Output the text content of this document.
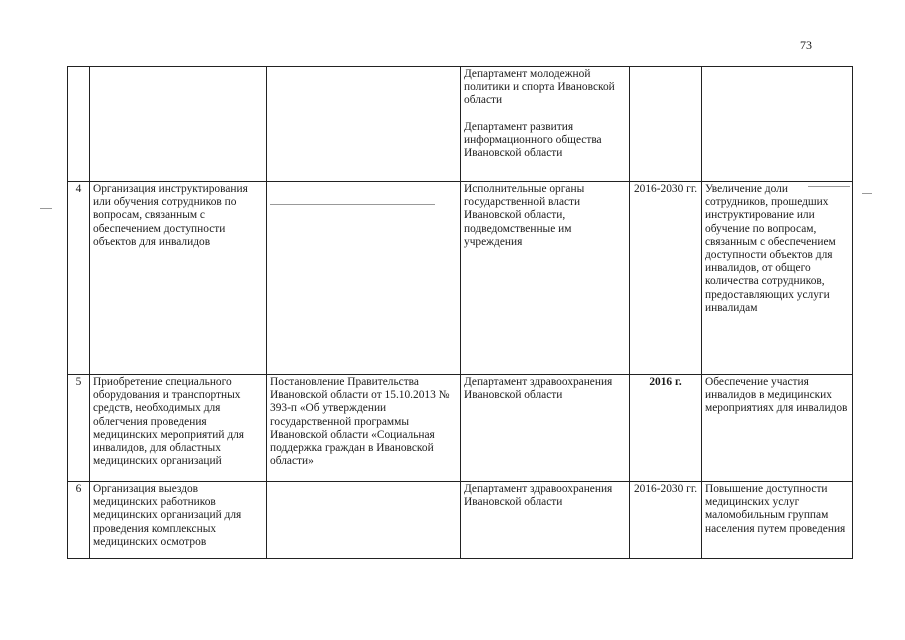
73

			Департамент молодежной политики и спорта Ивановской области
Департамент развития информационного общества Ивановской области		

4	Организация инструктирования или обучения сотрудников по вопросам, связанным с обеспечением доступности объектов для инвалидов		Исполнительные органы государственной власти Ивановской области, подведомственные им учреждения	2016-2030 гг.	Увеличение доли сотрудников, прошедших инструктирование или обучение по вопросам, связанным с обеспечением доступности объектов для инвалидов, от общего количества сотрудников, предоставляющих услуги инвалидам
5	Приобретение специального оборудования и транспортных средств, необходимых для облегчения проведения медицинских мероприятий для инвалидов, для областных медицинских организаций	Постановление Правительства Ивановской области от 15.10.2013 № 393-п «Об утверждении государственной программы Ивановской области «Социальная поддержка граждан в Ивановской области»	Департамент здравоохранения Ивановской области	2016 г.	Обеспечение участия инвалидов в медицинских мероприятиях для инвалидов
6	Организация выездов медицинских работников медицинских организаций для проведения комплексных медицинских осмотров		Департамент здравоохранения Ивановской области	2016-2030 гг.	Повышение доступности медицинских услуг маломобильным группам населения путем проведения
